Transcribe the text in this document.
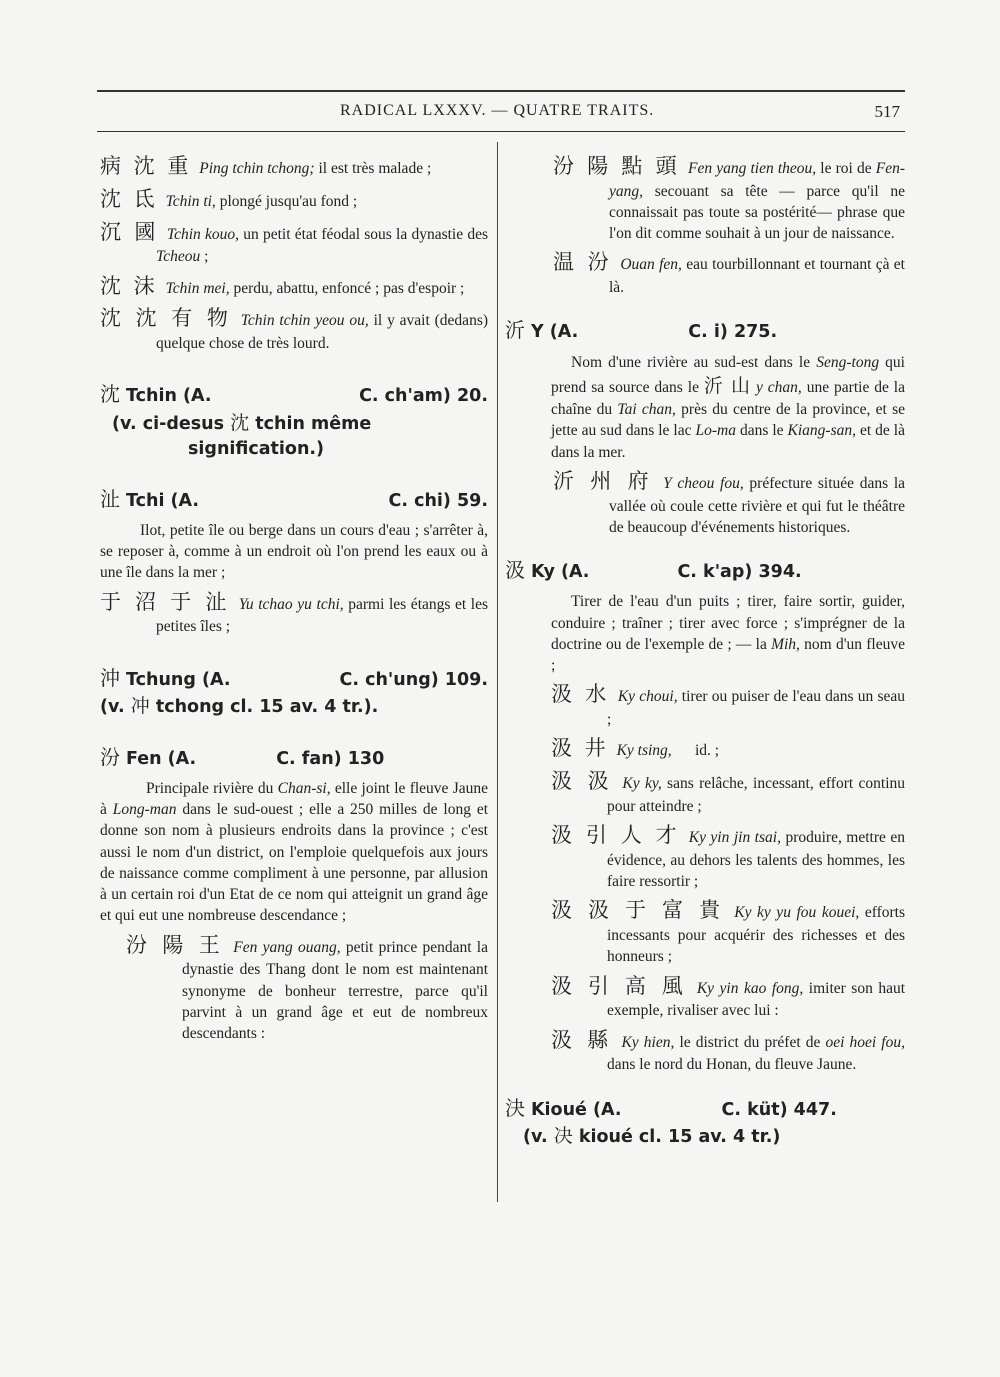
RADICAL LXXXV. — QUATRE TRAITS.	517
病 沈 重 Ping tchin tchong; il est très malade ;
沈 氐 Tchin ti, plongé jusqu'au fond ;
沉 國 Tchin kouo, un petit état féodal sous la dynastie des Tcheou ;
沈 沫 Tchin mei, perdu, abattu, enfoncé ; pas d'espoir ;
沈 沈 有 物 Tchin tchin yeou ou, il y avait (dedans) quelque chose de très lourd.
沈 Tchin (A.	C. ch'am) 20.
(v. ci-desus 沈 tchin même
signification.)
沚 Tchi (A.	C. chi) 59.
Ilot, petite île ou berge dans un cours d'eau ; s'arrêter à, se reposer à, comme à un endroit où l'on prend les eaux ou à une île dans la mer ;
于 沼 于 沚 Yu tchao yu tchi, parmi les étangs et les petites îles ;
沖 Tchung (A.	C. ch'ung) 109.
(v. 冲 tchong cl. 15 av. 4 tr.).
汾 Fen (A.	C. fan) 130
Principale rivière du Chan-si, elle joint le fleuve Jaune à Long-man dans le sud-ouest ; elle a 250 milles de long et donne son nom à plusieurs endroits dans la province ; c'est aussi le nom d'un district, on l'emploie quelquefois aux jours de naissance comme compliment à une personne, par allusion à un certain roi d'un Etat de ce nom qui atteignit un grand âge et qui eut une nombreuse descendance ;
汾 陽 王 Fen yang ouang, petit prince pendant la dynastie des Thang dont le nom est maintenant synonyme de bonheur terrestre, parce qu'il parvint à un grand âge et eut de nombreux descendants :
汾 陽 點 頭 Fen yang tien theou, le roi de Fen-yang, secouant sa tête — parce qu'il ne connaissait pas toute sa postérité— phrase que l'on dit comme souhait à un jour de naissance.
温 汾 Ouan fen, eau tourbillonnant et tournant çà et là.
沂 Y (A.	C. i) 275.
Nom d'une rivière au sud-est dans le Seng-tong qui prend sa source dans le 沂 山 y chan, une partie de la chaîne du Tai chan, près du centre de la province, et se jette au sud dans le lac Lo-ma dans le Kiang-san, et de là dans la mer.
沂 州 府 Y cheou fou, préfecture située dans la vallée où coule cette rivière et qui fut le théâtre de beaucoup d'événements historiques.
汲 Ky (A.	C. k'ap) 394.
Tirer de l'eau d'un puits ; tirer, faire sortir, guider, conduire ; traîner ; tirer avec force ; s'imprégner de la doctrine ou de l'exemple de ; — la Mih, nom d'un fleuve ;
汲 水 Ky choui, tirer ou puiser de l'eau dans un seau ;
汲 井 Ky tsing,      id. ;
汲 汲 Ky ky, sans relâche, incessant, effort continu pour atteindre ;
汲 引 人 才 Ky yin jin tsai, produire, mettre en évidence, au dehors les talents des hommes, les faire ressortir ;
汲 汲 于 富 貴 Ky ky yu fou kouei, efforts incessants pour acquérir des richesses et des honneurs ;
汲 引 高 風 Ky yin kao fong, imiter son haut exemple, rivaliser avec lui :
汲 縣 Ky hien, le district du préfet de oei hoei fou, dans le nord du Honan, du fleuve Jaune.
決 Kioué (A.	C. küt) 447.
(v. 决 kioué cl. 15 av. 4 tr.)
